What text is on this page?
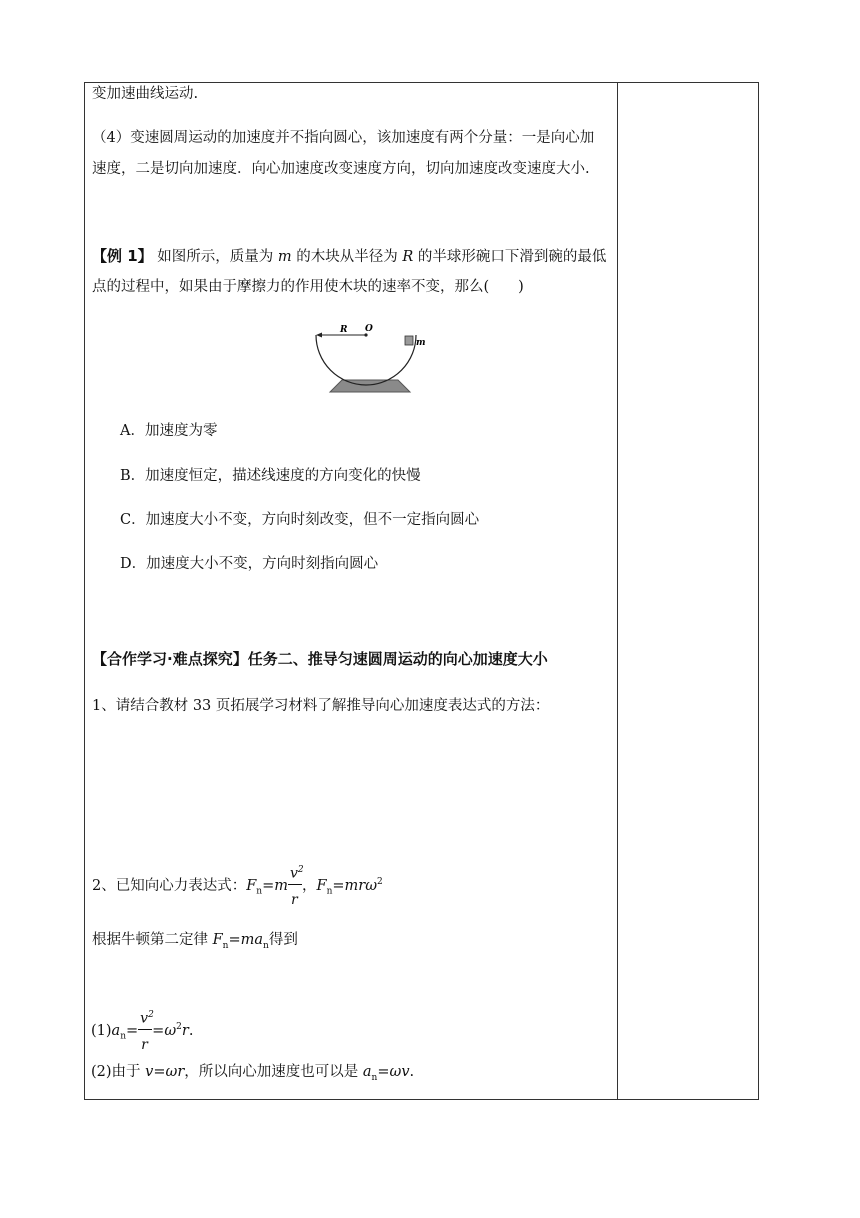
变加速曲线运动.
（4）变速圆周运动的加速度并不指向圆心，该加速度有两个分量：一是向心加
速度，二是切向加速度．向心加速度改变速度方向，切向加速度改变速度大小.
【例 1】 如图所示，质量为 m 的木块从半径为 R 的半球形碗口下滑到碗的最低
点的过程中，如果由于摩擦力的作用使木块的速率不变，那么(　　)
R O
m
A．加速度为零
B．加速度恒定，描述线速度的方向变化的快慢
C．加速度大小不变，方向时刻改变，但不一定指向圆心
D．加速度大小不变，方向时刻指向圆心
【合作学习·难点探究】任务二、推导匀速圆周运动的向心加速度大小
1、请结合教材 33 页拓展学习材料了解推导向心加速度表达式的方法：
2、已知向心力表达式：$F_n=m \frac{v^2}{r}$ ，$F_n=mr\omega^2$
根据牛顿第二定律 $F_n=ma_n$得到
$(1)a_n= \frac{v^2}{r} =\omega^2r$.
(2)由于 v=ωr，所以向心加速度也可以是 $a_n=\omega v$.
